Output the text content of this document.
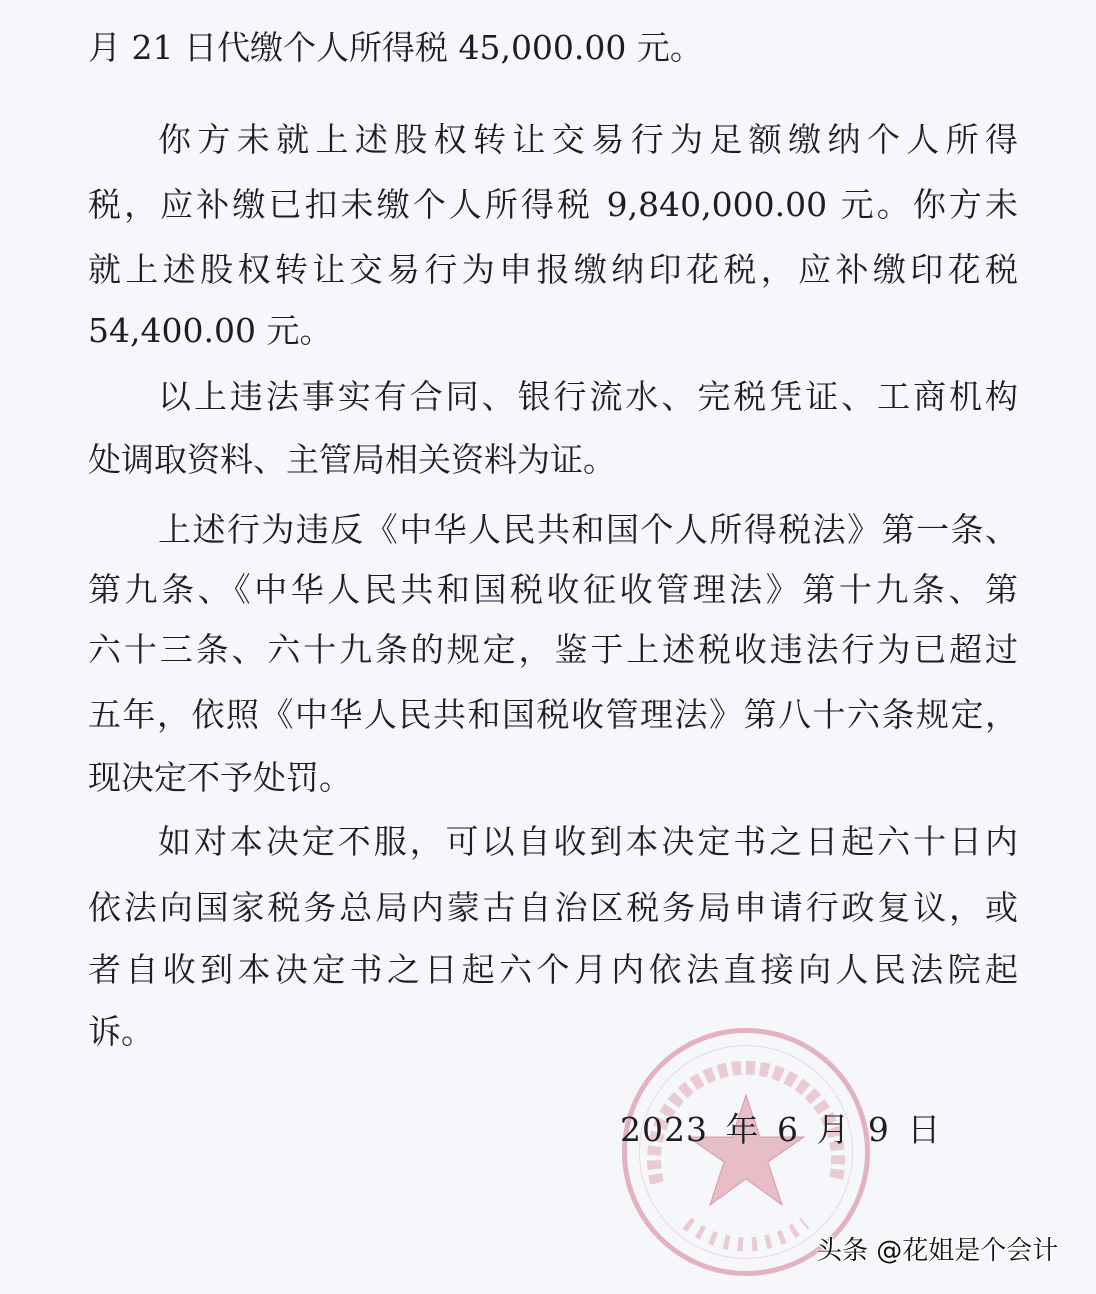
月 21 日代缴个人所得税 45,000.00 元。
你方未就上述股权转让交易行为足额缴纳个人所得
税，应补缴已扣未缴个人所得税 9,840,000.00 元。你方未
就上述股权转让交易行为申报缴纳印花税，应补缴印花税
54,400.00 元。
以上违法事实有合同、银行流水、完税凭证、工商机构
处调取资料、主管局相关资料为证。
上述行为违反《中华人民共和国个人所得税法》第一条、
第九条、《中华人民共和国税收征收管理法》第十九条、第
六十三条、六十九条的规定，鉴于上述税收违法行为已超过
五年，依照《中华人民共和国税收管理法》第八十六条规定，
现决定不予处罚。
如对本决定不服，可以自收到本决定书之日起六十日内
依法向国家税务总局内蒙古自治区税务局申请行政复议，或
者自收到本决定书之日起六个月内依法直接向人民法院起
诉。
2023 年 6 月 9 日
头条 @花姐是个会计
